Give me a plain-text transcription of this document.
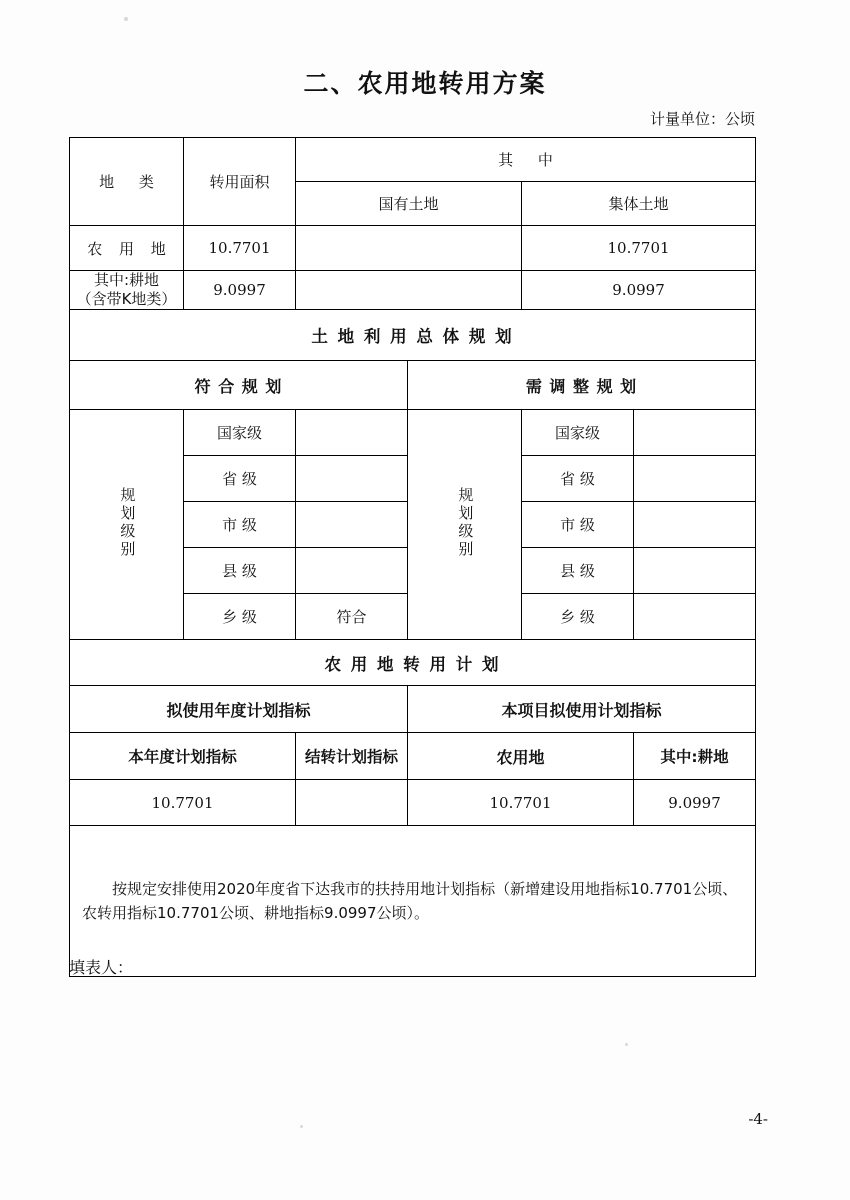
二、农用地转用方案
计量单位：公顷
地 类	转用面积	其 中			
		国有土地		集体土地	
农 用 地	10.7701			10.7701	
其中:耕地
（含带K地类）	9.0997			9.0997	
土 地 利 用 总 体 规 划					
符 合 规 划			需 调 整 规 划		
规划级别	国家级		规划级别	国家级	
	省 级			省 级	
	市 级			市 级	
	县 级			县 级	
	乡 级	符合		乡 级	
农 用 地 转 用 计 划					
拟使用年度计划指标			本项目拟使用计划指标		
本年度计划指标		结转计划指标	农用地		其中:耕地
10.7701			10.7701		9.0997

按规定安排使用2020年度省下达我市的扶持用地计划指标（新增建设用地指标10.7701公顷、农转用指标10.7701公顷、耕地指标9.0997公顷）。					

填表人：
-4-
